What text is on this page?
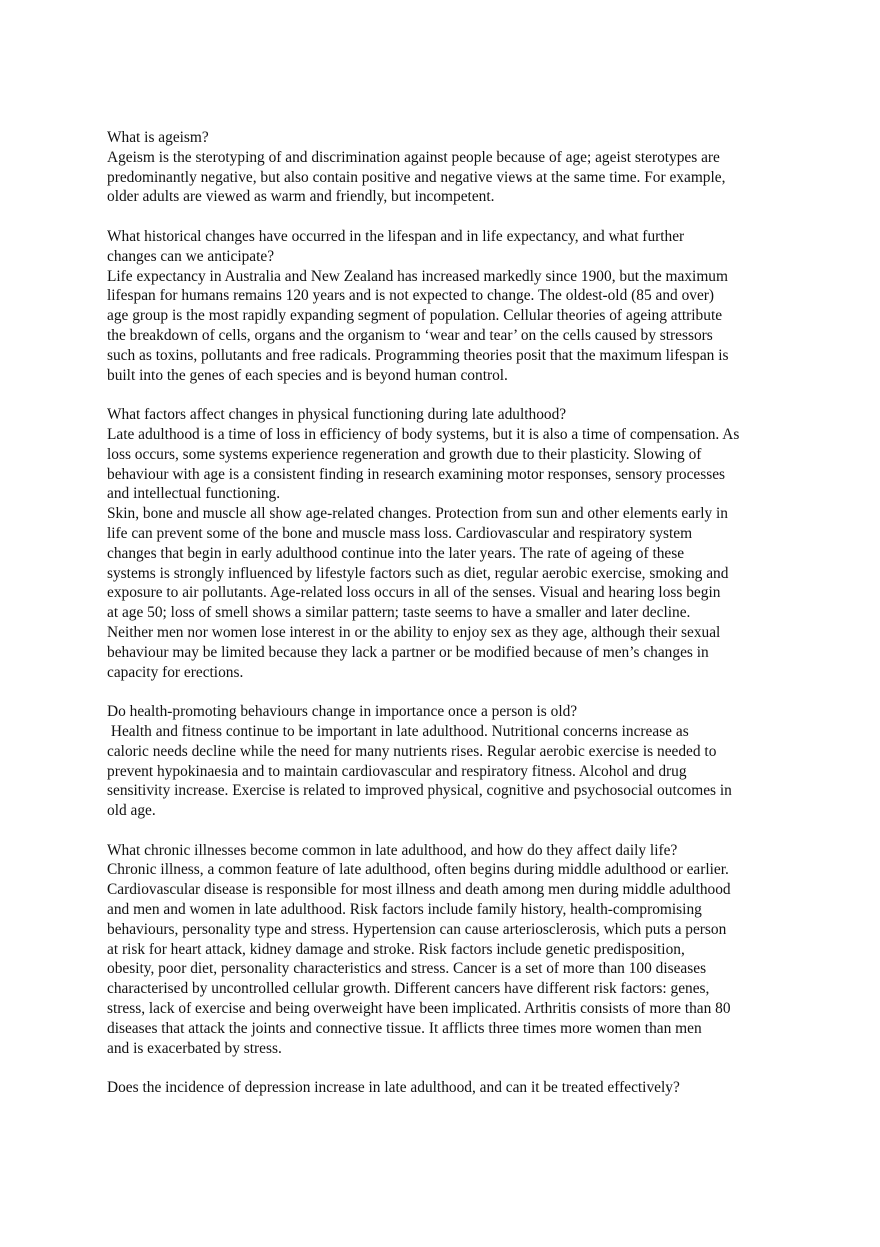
What is ageism?
Ageism is the sterotyping of and discrimination against people because of age; ageist sterotypes are
predominantly negative, but also contain positive and negative views at the same time. For example,
older adults are viewed as warm and friendly, but incompetent.
What historical changes have occurred in the lifespan and in life expectancy, and what further
changes can we anticipate?
Life expectancy in Australia and New Zealand has increased markedly since 1900, but the maximum
lifespan for humans remains 120 years and is not expected to change. The oldest-old (85 and over)
age group is the most rapidly expanding segment of population. Cellular theories of ageing attribute
the breakdown of cells, organs and the organism to ‘wear and tear’ on the cells caused by stressors
such as toxins, pollutants and free radicals. Programming theories posit that the maximum lifespan is
built into the genes of each species and is beyond human control.
What factors affect changes in physical functioning during late adulthood?
Late adulthood is a time of loss in efficiency of body systems, but it is also a time of compensation. As
loss occurs, some systems experience regeneration and growth due to their plasticity. Slowing of
behaviour with age is a consistent finding in research examining motor responses, sensory processes
and intellectual functioning.
Skin, bone and muscle all show age-related changes. Protection from sun and other elements early in
life can prevent some of the bone and muscle mass loss. Cardiovascular and respiratory system
changes that begin in early adulthood continue into the later years. The rate of ageing of these
systems is strongly influenced by lifestyle factors such as diet, regular aerobic exercise, smoking and
exposure to air pollutants. Age-related loss occurs in all of the senses. Visual and hearing loss begin
at age 50; loss of smell shows a similar pattern; taste seems to have a smaller and later decline.
Neither men nor women lose interest in or the ability to enjoy sex as they age, although their sexual
behaviour may be limited because they lack a partner or be modified because of men’s changes in
capacity for erections.
Do health-promoting behaviours change in importance once a person is old?
Health and fitness continue to be important in late adulthood. Nutritional concerns increase as
caloric needs decline while the need for many nutrients rises. Regular aerobic exercise is needed to
prevent hypokinaesia and to maintain cardiovascular and respiratory fitness. Alcohol and drug
sensitivity increase. Exercise is related to improved physical, cognitive and psychosocial outcomes in
old age.
What chronic illnesses become common in late adulthood, and how do they affect daily life?
Chronic illness, a common feature of late adulthood, often begins during middle adulthood or earlier.
Cardiovascular disease is responsible for most illness and death among men during middle adulthood
and men and women in late adulthood. Risk factors include family history, health-compromising
behaviours, personality type and stress. Hypertension can cause arteriosclerosis, which puts a person
at risk for heart attack, kidney damage and stroke. Risk factors include genetic predisposition,
obesity, poor diet, personality characteristics and stress. Cancer is a set of more than 100 diseases
characterised by uncontrolled cellular growth. Different cancers have different risk factors: genes,
stress, lack of exercise and being overweight have been implicated. Arthritis consists of more than 80
diseases that attack the joints and connective tissue. It afflicts three times more women than men
and is exacerbated by stress.
Does the incidence of depression increase in late adulthood, and can it be treated effectively?
